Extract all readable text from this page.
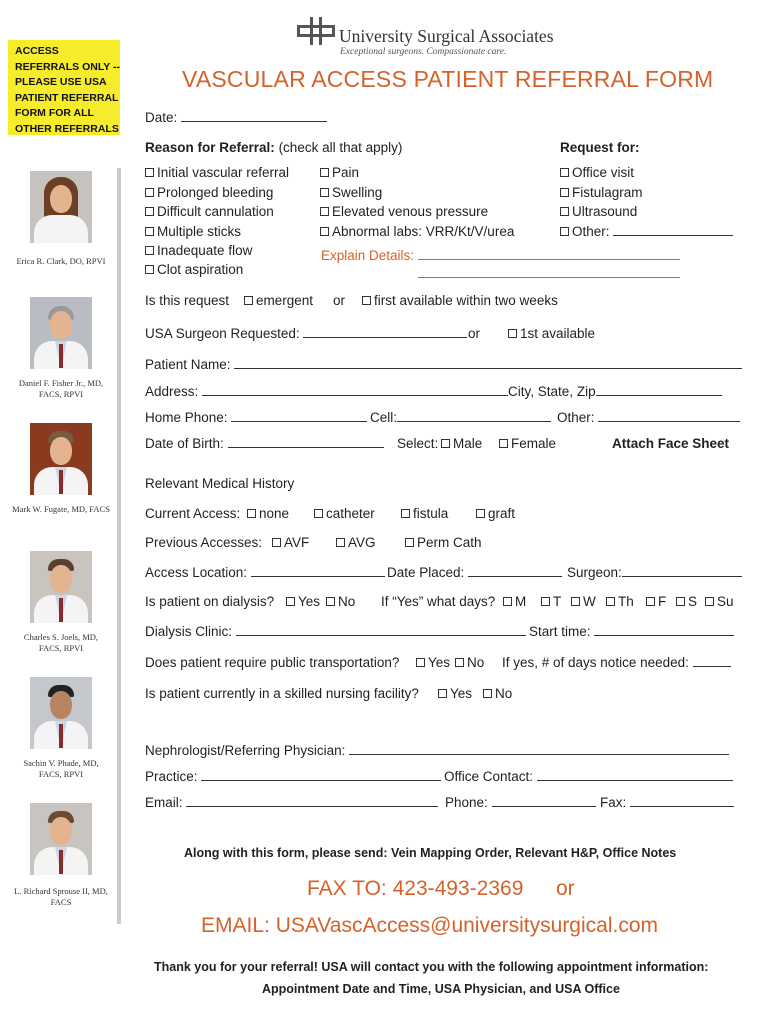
University Surgical Associates
Exceptional surgeons. Compassionate care.
ACCESS REFERRALS ONLY -- PLEASE USE USA PATIENT REFERRAL FORM FOR ALL OTHER REFERRALS
VASCULAR ACCESS PATIENT REFERRAL FORM
Erica R. Clark, DO, RPVI
Daniel F. Fisher Jr., MD,
FACS, RPVI
Mark W. Fugate, MD, FACS
Charles S. Joels, MD,
FACS, RPVI
Sachin V. Phade, MD,
FACS, RPVI
L. Richard Sprouse II, MD,
FACS
Date:
Reason for Referral: (check all that apply)	Request for:
Initial vascular referral
Prolonged bleeding
Difficult cannulation
Multiple sticks
Inadequate flow
Clot aspiration
Pain
Swelling
Elevated venous pressure
Abnormal labs: VRR/Kt/V/urea
Explain Details:
Office visit
Fistulagram
Ultrasound
Other:
Is this request	emergent or	first available within two weeks
USA Surgeon Requested:	or	1st available
Patient Name:
Address:	City, State, Zip
Home Phone:	Cell:	Other:
Date of Birth:	Select:	Male	Female	Attach Face Sheet
Relevant Medical History
Current Access:	none	catheter	fistula	graft
Previous Accesses:	AVF	AVG	Perm Cath
Access Location:	Date Placed:	Surgeon:
Is patient on dialysis?	Yes	No If “Yes” what days?	M	T	W	Th	F	S	Su
Dialysis Clinic:	Start time:
Does patient require public transportation?	Yes	No If yes, # of days notice needed:
Is patient currently in a skilled nursing facility?	Yes	No
Nephrologist/Referring Physician:
Practice:	Office Contact:
Email:	Phone:	Fax:
Along with this form, please send: Vein Mapping Order, Relevant H&P, Office Notes
FAX TO: 423-493-2369 or
EMAIL: USAVascAccess@universitysurgical.com
Thank you for your referral! USA will contact you with the following appointment information:
Appointment Date and Time, USA Physician, and USA Office
